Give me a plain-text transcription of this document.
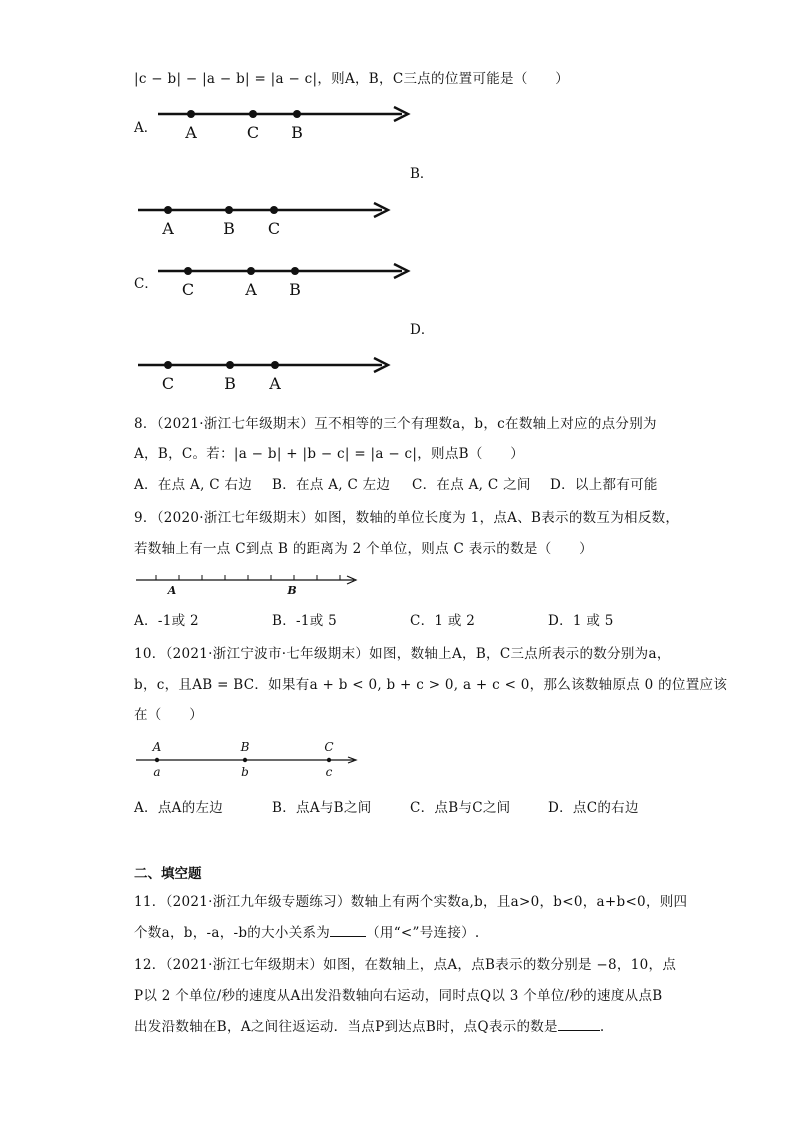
|c − b| − |a − b| = |a − c|，则A，B，C三点的位置可能是（　　）
A． A	C B
B．
A	B C
C． C	A B
D．
C	B A
8．（2021·浙江七年级期末）互不相等的三个有理数a，b，c在数轴上对应的点分别为
A，B，C。若：|a − b| + |b − c| = |a − c|，则点B（　　）
A．在点 A, C 右边 B．在点 A, C 左边 C．在点 A, C 之间 D．以上都有可能
9．（2020·浙江七年级期末）如图，数轴的单位长度为 1，点A、B表示的数互为相反数，
若数轴上有一点 C到点 B 的距离为 2 个单位，则点 C 表示的数是（　　）
A	B
A．-1或 2	B．-1或 5	C．1 或 2	D．1 或 5
10．（2021·浙江宁波市·七年级期末）如图，数轴上A，B，C三点所表示的数分别为a，
b，c，且AB = BC．如果有a + b < 0, b + c > 0, a + c < 0，那么该数轴原点 0 的位置应该
在（　　）
A	B	C
a	b	c
A．点A的左边	B．点A与B之间	C．点B与C之间	D．点C的右边
二、填空题
11．（2021·浙江九年级专题练习）数轴上有两个实数a,b，且a>0，b<0，a+b<0，则四
个数a，b，-a，-b的大小关系为	（用“<”号连接）.
12．（2021·浙江七年级期末）如图，在数轴上，点A，点B表示的数分别是 −8，10，点
P以 2 个单位/秒的速度从A出发沿数轴向右运动，同时点Q以 3 个单位/秒的速度从点B
出发沿数轴在B，A之间往返运动．当点P到达点B时，点Q表示的数是	.
